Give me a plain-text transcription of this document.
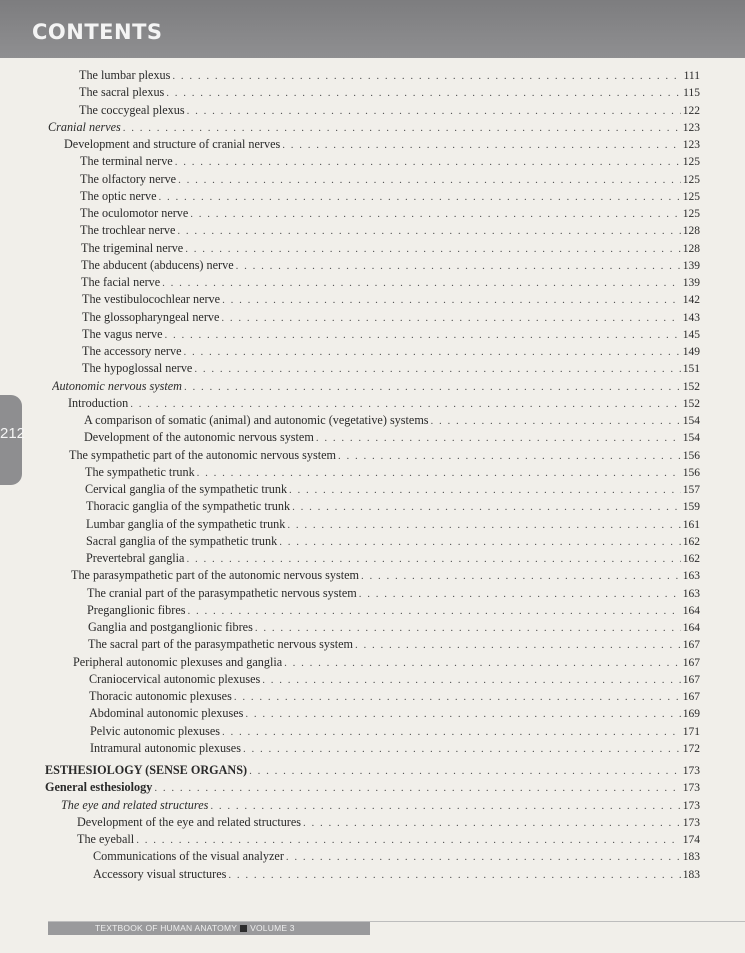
CONTENTS
212
The lumbar plexus . . .	111
The sacral plexus . . .	115
The coccygeal plexus . . .	122
Cranial nerves . . .	123
Development and structure of cranial nerves . . .	123
The terminal nerve . . .	125
The olfactory nerve . . .	125
The optic nerve . . .	125
The oculomotor nerve . . .	125
The trochlear nerve . . .	128
The trigeminal nerve . . .	128
The abducent (abducens) nerve . . .	139
The facial nerve . . .	139
The vestibulocochlear nerve . . .	142
The glossopharyngeal nerve . . .	143
The vagus nerve . . .	145
The accessory nerve . . .	149
The hypoglossal nerve . . .	151
Autonomic nervous system . . .	152
Introduction . . .	152
A comparison of somatic (animal) and autonomic (vegetative) systems . . .	154
Development of the autonomic nervous system . . .	154
The sympathetic part of the autonomic nervous system . . .	156
The sympathetic trunk . . .	156
Cervical ganglia of the sympathetic trunk . . .	157
Thoracic ganglia of the sympathetic trunk . . .	159
Lumbar ganglia of the sympathetic trunk . . .	161
Sacral ganglia of the sympathetic trunk . . .	162
Prevertebral ganglia . . .	162
The parasympathetic part of the autonomic nervous system . . .	163
The cranial part of the parasympathetic nervous system . . .	163
Preganglionic fibres . . .	164
Ganglia and postganglionic fibres . . .	164
The sacral part of the parasympathetic nervous system . . .	167
Peripheral autonomic plexuses and ganglia . . .	167
Craniocervical autonomic plexuses . . .	167
Thoracic autonomic plexuses . . .	167
Abdominal autonomic plexuses . . .	169
Pelvic autonomic plexuses . . .	171
Intramural autonomic plexuses . . .	172
ESTHESIOLOGY (SENSE ORGANS) . . .	173
General esthesiology . . .	173
The eye and related structures . . .	173
Development of the eye and related structures . . .	173
The eyeball . . .	174
Communications of the visual analyzer . . .	183
Accessory visual structures . . .	183
TEXTBOOK OF HUMAN ANATOMY VOLUME 3
